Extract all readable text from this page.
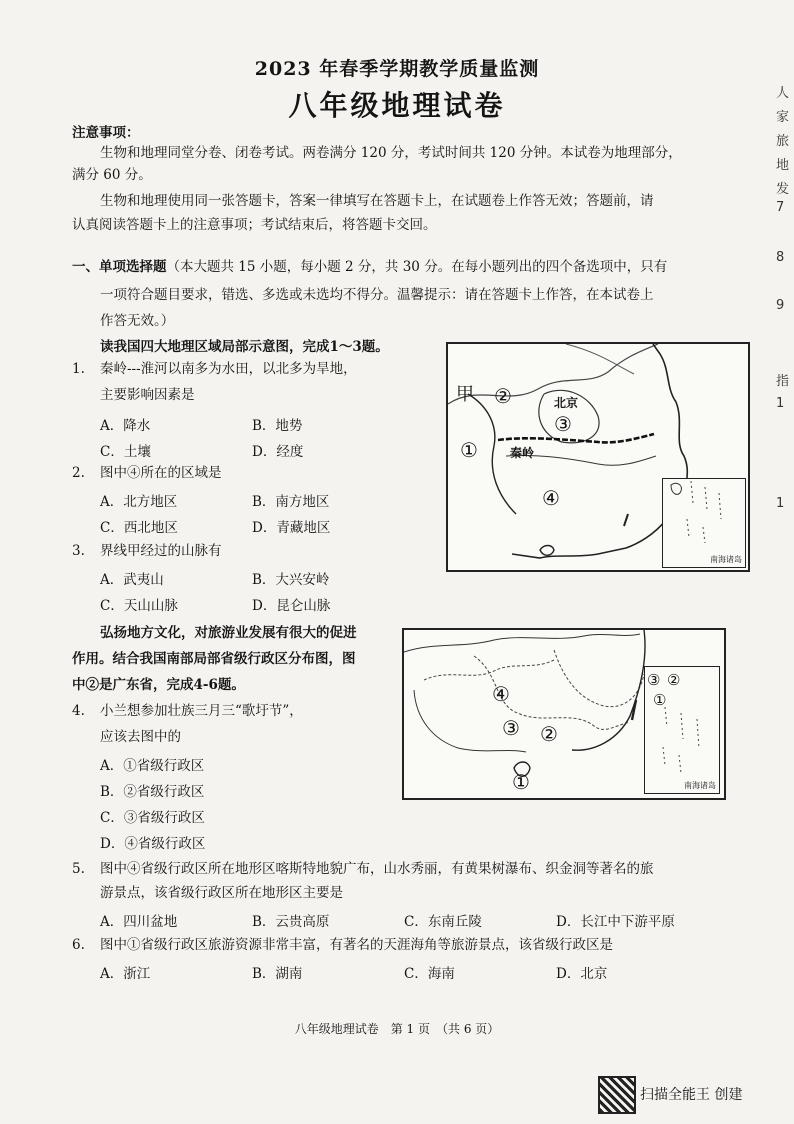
2023 年春季学期教学质量监测
八年级地理试卷
注意事项：
生物和地理同堂分卷、闭卷考试。两卷满分 120 分，考试时间共 120 分钟。本试卷为地理部分，
满分 60 分。
生物和地理使用同一张答题卡，答案一律填写在答题卡上，在试题卷上作答无效；答题前，请
认真阅读答题卡上的注意事项；考试结束后，将答题卡交回。
一、单项选择题（本大题共 15 小题，每小题 2 分，共 30 分。在每小题列出的四个备选项中，只有
一项符合题目要求，错选、多选或未选均不得分。温馨提示：请在答题卡上作答，在本试卷上
作答无效。）
读我国四大地理区域局部示意图，完成1～3题。
1. 秦岭---淮河以南多为水田，以北多为旱地，
主要影响因素是
A．降水	B．地势
C．土壤	D．经度
2. 图中④所在的区域是
A．北方地区	B．南方地区
C．西北地区	D．青藏地区
3. 界线甲经过的山脉有
A．武夷山	B．大兴安岭
C．天山山脉	D．昆仑山脉
甲 ②	北京
③
①	秦岭
④
南海诸岛
弘扬地方文化，对旅游业发展有很大的促进
作用。结合我国南部局部省级行政区分布图，图
中②是广东省，完成4-6题。
4. 小兰想参加壮族三月三“歌圩节”，
应该去图中的
A．①省级行政区
B．②省级行政区
C．③省级行政区
D．④省级行政区
④
③ ②
①
③ ②
①
南海诸岛
5. 图中④省级行政区所在地形区喀斯特地貌广布，山水秀丽，有黄果树瀑布、织金洞等著名的旅
游景点，该省级行政区所在地形区主要是
A．四川盆地	B．云贵高原	C．东南丘陵	D．长江中下游平原
6. 图中①省级行政区旅游资源非常丰富，有著名的天涯海角等旅游景点，该省级行政区是
A．浙江	B．湖南	C．海南	D．北京
八年级地理试卷　第 1 页　（共 6 页）
扫描全能王 创建
人
家
旅
地
发
7
8
9
指
1
1
